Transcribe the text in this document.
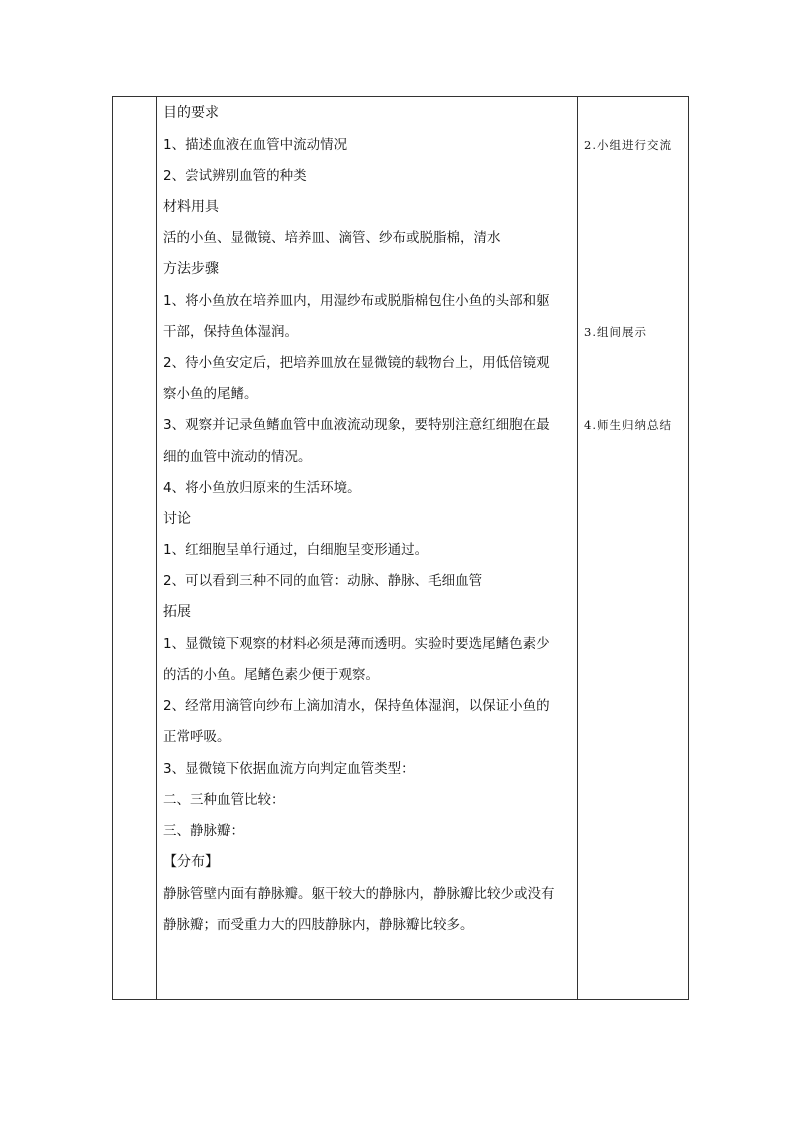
目的要求
1、描述血液在血管中流动情况
2、尝试辨别血管的种类
材料用具
活的小鱼、显微镜、培养皿、滴管、纱布或脱脂棉，清水
方法步骤
1、将小鱼放在培养皿内，用湿纱布或脱脂棉包住小鱼的头部和躯
干部，保持鱼体湿润。
2、待小鱼安定后，把培养皿放在显微镜的载物台上，用低倍镜观
察小鱼的尾鳍。
3、观察并记录鱼鳍血管中血液流动现象，要特别注意红细胞在最
细的血管中流动的情况。
4、将小鱼放归原来的生活环境。
讨论
1、红细胞呈单行通过，白细胞呈变形通过。
2、可以看到三种不同的血管：动脉、静脉、毛细血管
拓展
1、显微镜下观察的材料必须是薄而透明。实验时要选尾鳍色素少
的活的小鱼。尾鳍色素少便于观察。
2、经常用滴管向纱布上滴加清水，保持鱼体湿润，以保证小鱼的
正常呼吸。
3、显微镜下依据血流方向判定血管类型：
二、三种血管比较：
三、静脉瓣：
【分布】
静脉管壁内面有静脉瓣。躯干较大的静脉内，静脉瓣比较少或没有
静脉瓣；而受重力大的四肢静脉内，静脉瓣比较多。
2.小组进行交流
3.组间展示
4.师生归纳总结
